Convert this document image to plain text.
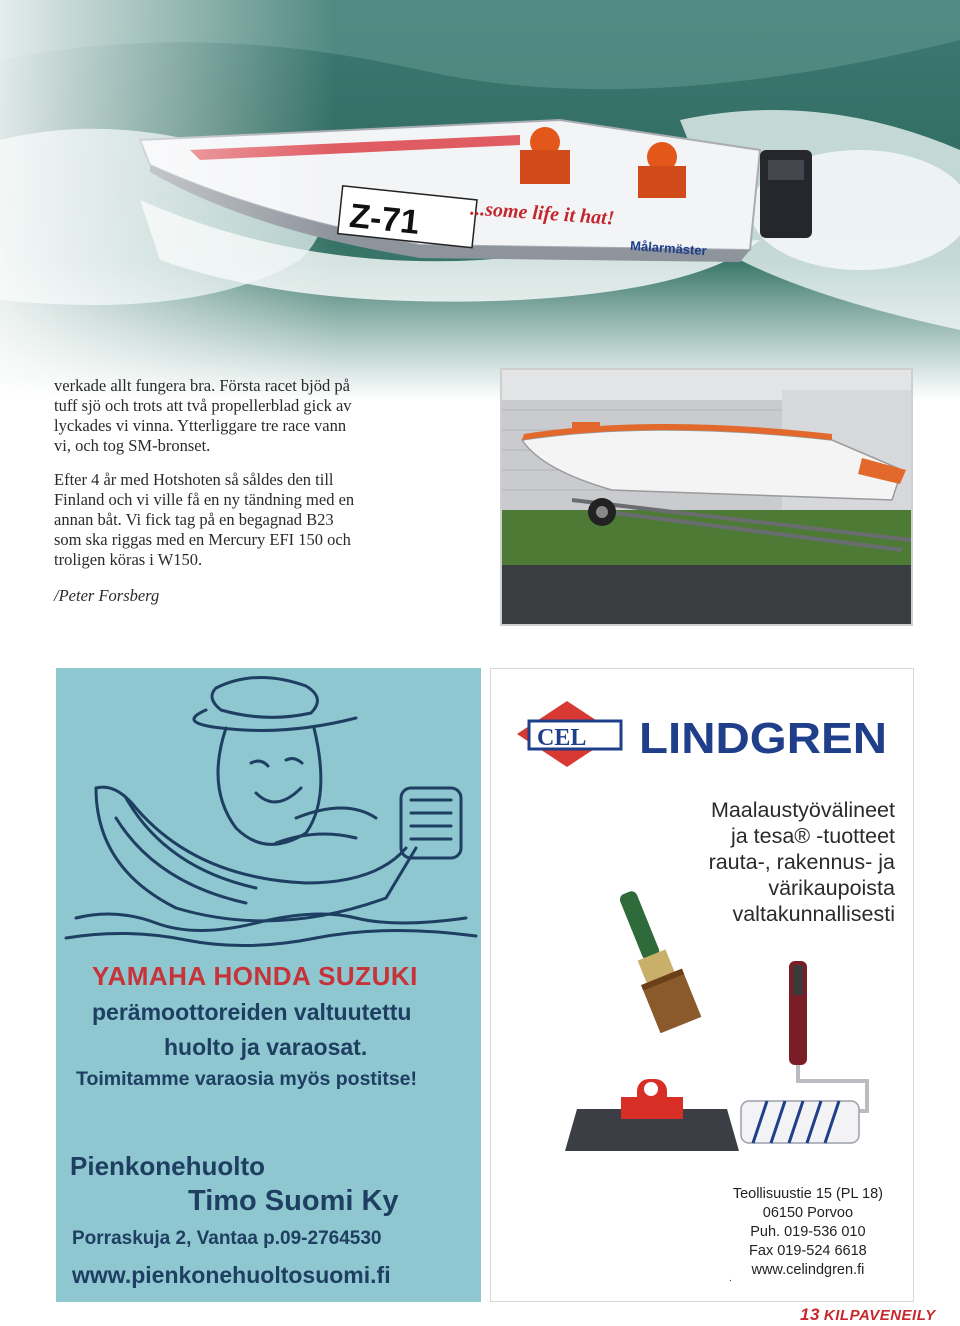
verkade allt fungera bra. Första racet bjöd på tuff sjö och trots att två propellerblad gick av lyckades vi vinna. Ytterliggare tre race vann vi, och tog SM-bronset.

Efter 4 år med Hotshoten så såldes den till Finland och vi ville få en ny tändning med en annan båt. Vi fick tag på en begagnad B23 som ska riggas med en Mercury EFI 150 och troligen köras i W150.

/Peter Forsberg

YAMAHA HONDA SUZUKI
perämoottoreiden valtuutettu
huolto ja varaosat.
Toimitamme varaosia myös postitse!
Pienkonehuolto
Timo Suomi Ky
Porraskuja 2, Vantaa p.09-2764530
www.pienkonehuoltosuomi.fi
CEL LINDGREN
Maalaustyövälineet
ja tesa® -tuotteet
rauta-, rakennus- ja
värikaupoista
valtakunnallisesti
Teollisuustie 15 (PL 18)
06150 Porvoo
Puh. 019-536 010
Fax 019-524 6618
www.celindgren.fi
.
13 KILPAVENEILY
